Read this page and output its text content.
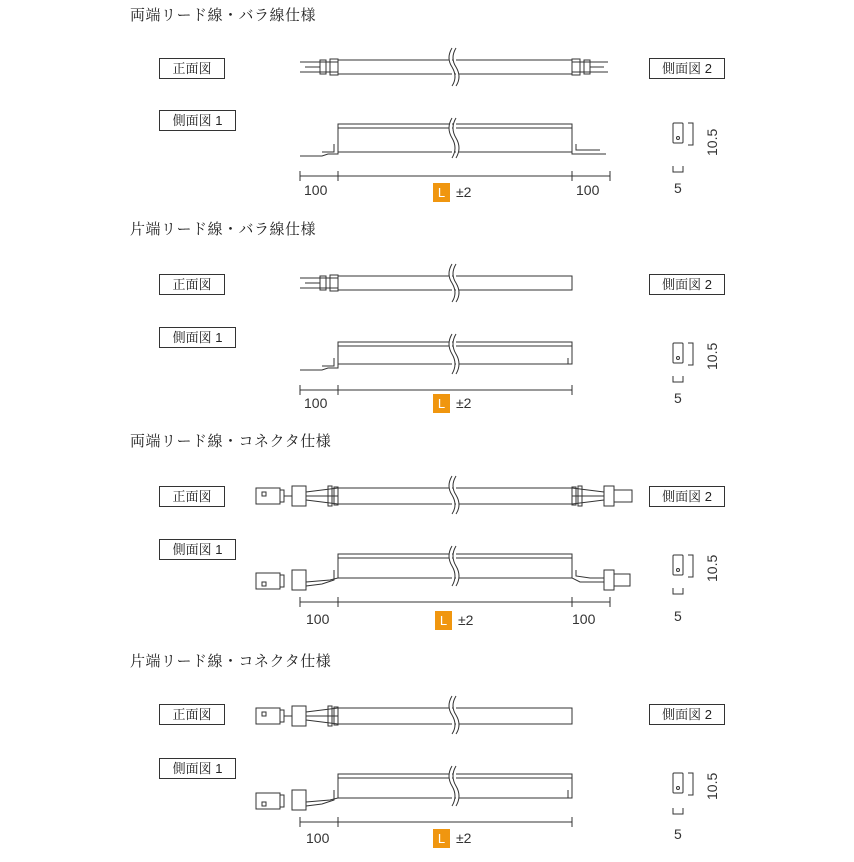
両端リード線・バラ線仕様
正面図	側面図 2
側面図 1
100	L ±2	100
10.5
5
片端リード線・バラ線仕様
正面図	側面図 2
側面図 1
100	L ±2
10.5
5
両端リード線・コネクタ仕様
正面図	側面図 2
側面図 1
100	L ±2	100
10.5
5
片端リード線・コネクタ仕様
正面図	側面図 2
側面図 1
100	L ±2
10.5
5
